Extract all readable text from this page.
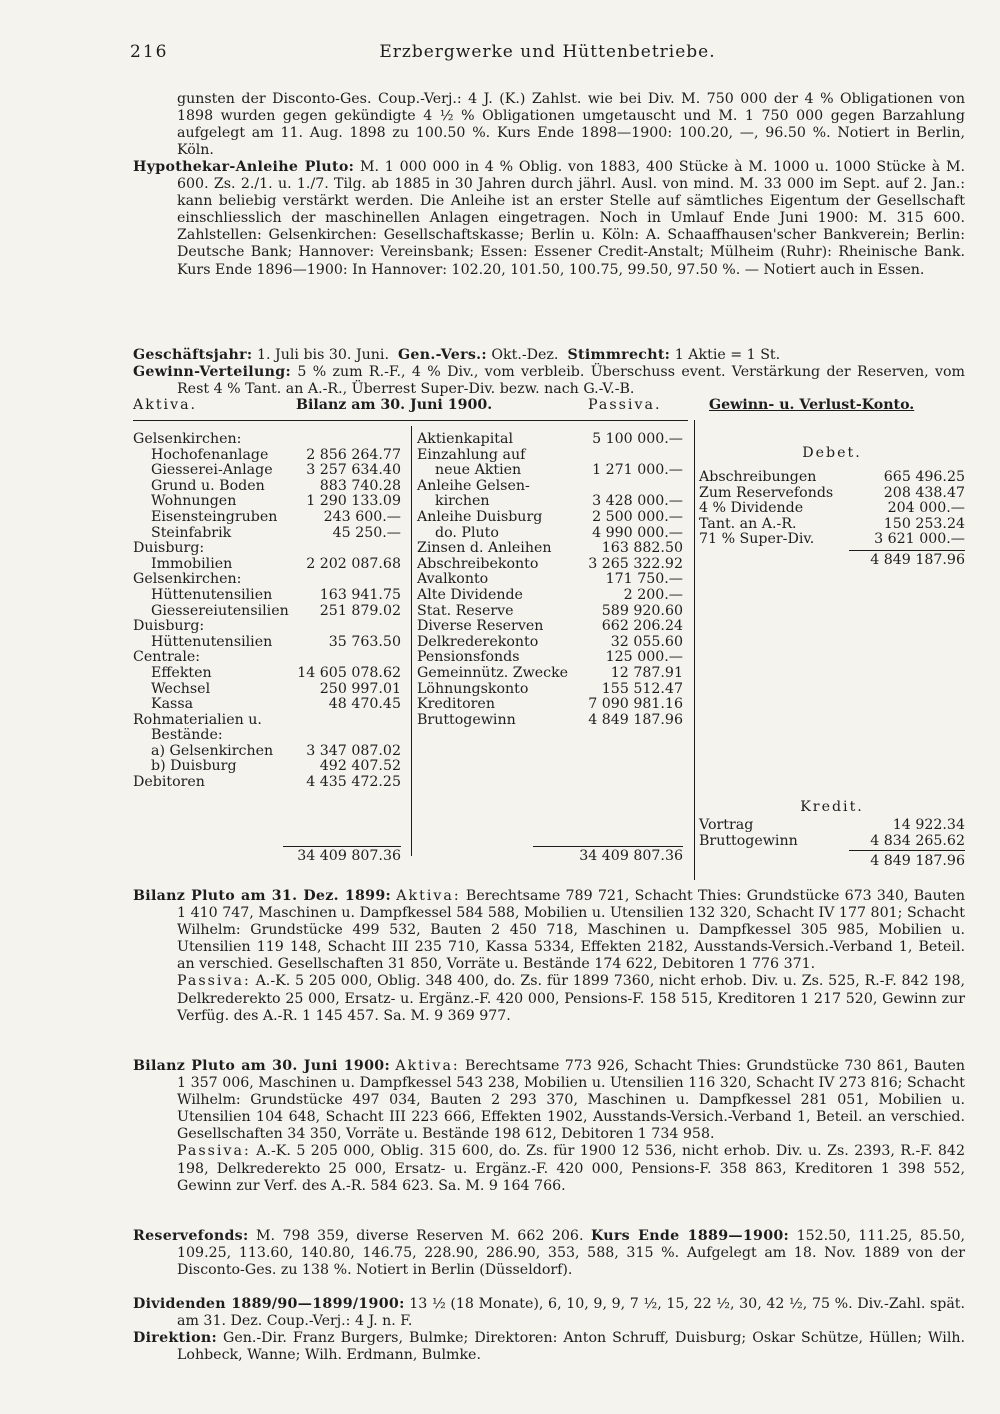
216	Erzbergwerke und Hüttenbetriebe.

gunsten der Disconto-Ges. Coup.-Verj.: 4 J. (K.) Zahlst. wie bei Div. M. 750 000 der 4 % Obligationen von 1898 wurden gegen gekündigte 4 ½ % Obligationen umgetauscht und M. 1 750 000 gegen Barzahlung aufgelegt am 11. Aug. 1898 zu 100.50 %. Kurs Ende 1898—1900: 100.20, —, 96.50 %. Notiert in Berlin, Köln.

Hypothekar-Anleihe Pluto: M. 1 000 000 in 4 % Oblig. von 1883, 400 Stücke à M. 1000 u. 1000 Stücke à M. 600. Zs. 2./1. u. 1./7. Tilg. ab 1885 in 30 Jahren durch jährl. Ausl. von mind. M. 33 000 im Sept. auf 2. Jan.: kann beliebig verstärkt werden. Die Anleihe ist an erster Stelle auf sämtliches Eigentum der Gesellschaft einschliesslich der maschinellen Anlagen eingetragen. Noch in Umlauf Ende Juni 1900: M. 315 600. Zahlstellen: Gelsenkirchen: Gesellschaftskasse; Berlin u. Köln: A. Schaaffhausen'scher Bankverein; Berlin: Deutsche Bank; Hannover: Vereinsbank; Essen: Essener Credit-Anstalt; Mülheim (Ruhr): Rheinische Bank. Kurs Ende 1896—1900: In Hannover: 102.20, 101.50, 100.75, 99.50, 97.50 %. — Notiert auch in Essen.

Geschäftsjahr: 1. Juli bis 30. Juni. Gen.-Vers.: Okt.-Dez. Stimmrecht: 1 Aktie = 1 St.

Gewinn-Verteilung: 5 % zum R.-F., 4 % Div., vom verbleib. Überschuss event. Verstärkung der Reserven, vom Rest 4 % Tant. an A.-R., Überrest Super-Div. bezw. nach G.-V.-B.

Aktiva.	Bilanz am 30. Juni 1900.	Passiva.	Gewinn- u. Verlust-Konto.
Gelsenkirchen:
Hochofenanlage	2 856 264.77
Giesserei-Anlage 3 257 634.40
Grund u. Boden	883 740.28
Wohnungen	1 290 133.09
Eisensteingruben	243 600.—
Steinfabrik	45 250.—
Duisburg:
Immobilien	2 202 087.68
Gelsenkirchen:
Hüttenutensilien	163 941.75
Giessereiutensilien 251 879.02
Duisburg:
Hüttenutensilien	35 763.50
Centrale:
Effekten	14 605 078.62
Wechsel	250 997.01
Kassa	48 470.45
Rohmaterialien u.
Bestände:
a) Gelsenkirchen 3 347 087.02
b) Duisburg	492 407.52
Debitoren	4 435 472.25
34 409 807.36
Aktienkapital	5 100 000.—
Einzahlung auf
neue Aktien	1 271 000.—
Anleihe Gelsen-
kirchen	3 428 000.—
Anleihe Duisburg	2 500 000.—
do. Pluto	4 990 000.—
Zinsen d. Anleihen	163 882.50
Abschreibekonto	3 265 322.92
Avalkonto	171 750.—
Alte Dividende	2 200.—
Stat. Reserve	589 920.60
Diverse Reserven	662 206.24
Delkrederekonto	32 055.60
Pensionsfonds	125 000.—
Gemeinnütz. Zwecke	12 787.91
Löhnungskonto	155 512.47
Kreditoren	7 090 981.16
Bruttogewinn	4 849 187.96
34 409 807.36
Debet.
Abschreibungen	665 496.25
Zum Reservefonds	208 438.47
4 % Dividende	204 000.—
Tant. an A.-R.	150 253.24
71 % Super-Div.	3 621 000.—
4 849 187.96
Kredit.
Vortrag	14 922.34
Bruttogewinn	4 834 265.62
4 849 187.96

Bilanz Pluto am 31. Dez. 1899: Aktiva: Berechtsame 789 721, Schacht Thies: Grundstücke 673 340, Bauten 1 410 747, Maschinen u. Dampfkessel 584 588, Mobilien u. Utensilien 132 320, Schacht IV 177 801; Schacht Wilhelm: Grundstücke 499 532, Bauten 2 450 718, Maschinen u. Dampfkessel 305 985, Mobilien u. Utensilien 119 148, Schacht III 235 710, Kassa 5334, Effekten 2182, Ausstands-Versich.-Verband 1, Beteil. an verschied. Gesellschaften 31 850, Vorräte u. Bestände 174 622, Debitoren 1 776 371.

Passiva: A.-K. 5 205 000, Oblig. 348 400, do. Zs. für 1899 7360, nicht erhob. Div. u. Zs. 525, R.-F. 842 198, Delkrederekto 25 000, Ersatz- u. Ergänz.-F. 420 000, Pensions-F. 158 515, Kreditoren 1 217 520, Gewinn zur Verfüg. des A.-R. 1 145 457. Sa. M. 9 369 977.

Bilanz Pluto am 30. Juni 1900: Aktiva: Berechtsame 773 926, Schacht Thies: Grundstücke 730 861, Bauten 1 357 006, Maschinen u. Dampfkessel 543 238, Mobilien u. Utensilien 116 320, Schacht IV 273 816; Schacht Wilhelm: Grundstücke 497 034, Bauten 2 293 370, Maschinen u. Dampfkessel 281 051, Mobilien u. Utensilien 104 648, Schacht III 223 666, Effekten 1902, Ausstands-Versich.-Verband 1, Beteil. an verschied. Gesellschaften 34 350, Vorräte u. Bestände 198 612, Debitoren 1 734 958.

Passiva: A.-K. 5 205 000, Oblig. 315 600, do. Zs. für 1900 12 536, nicht erhob. Div. u. Zs. 2393, R.-F. 842 198, Delkrederekto 25 000, Ersatz- u. Ergänz.-F. 420 000, Pensions-F. 358 863, Kreditoren 1 398 552, Gewinn zur Verf. des A.-R. 584 623. Sa. M. 9 164 766.

Reservefonds: M. 798 359, diverse Reserven M. 662 206. Kurs Ende 1889—1900: 152.50, 111.25, 85.50, 109.25, 113.60, 140.80, 146.75, 228.90, 286.90, 353, 588, 315 %. Aufgelegt am 18. Nov. 1889 von der Disconto-Ges. zu 138 %. Notiert in Berlin (Düsseldorf).

Dividenden 1889/90—1899/1900: 13 ½ (18 Monate), 6, 10, 9, 9, 7 ½, 15, 22 ½, 30, 42 ½, 75 %. Div.-Zahl. spät. am 31. Dez. Coup.-Verj.: 4 J. n. F.

Direktion: Gen.-Dir. Franz Burgers, Bulmke; Direktoren: Anton Schruff, Duisburg; Oskar Schütze, Hüllen; Wilh. Lohbeck, Wanne; Wilh. Erdmann, Bulmke.
